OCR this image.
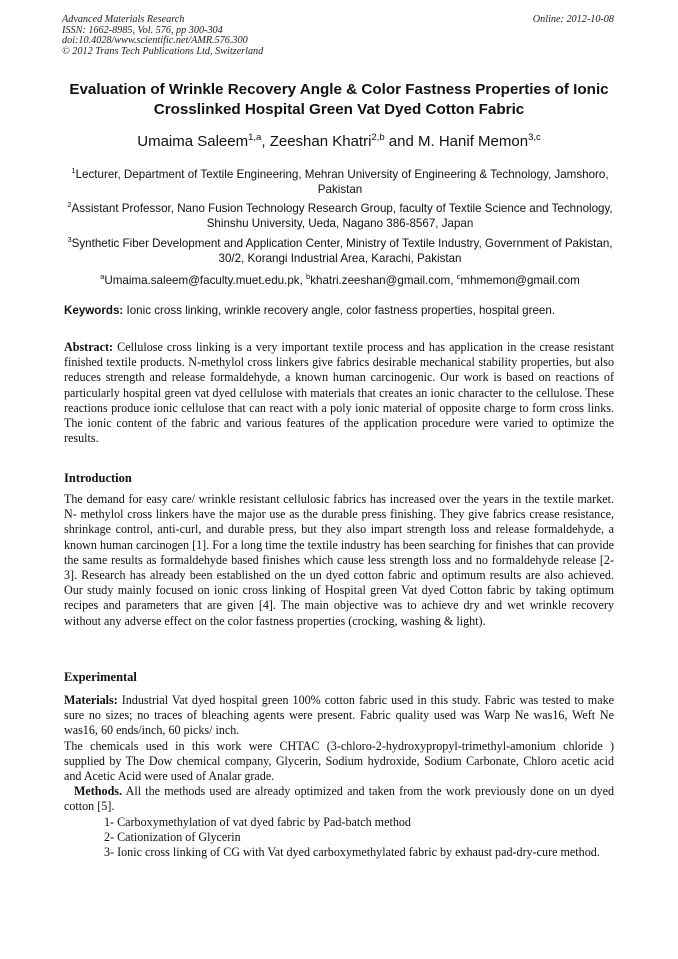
Advanced Materials Research
ISSN: 1662-8985, Vol. 576, pp 300-304
doi:10.4028/www.scientific.net/AMR.576.300
© 2012 Trans Tech Publications Ltd, Switzerland
Online: 2012-10-08
Evaluation of Wrinkle Recovery Angle & Color Fastness Properties of Ionic Crosslinked Hospital Green Vat Dyed Cotton Fabric
Umaima Saleem$^{1,a}$, Zeeshan Khatri$^{2,b}$ and M. Hanif Memon$^{3,c}$
$^1$Lecturer, Department of Textile Engineering, Mehran University of Engineering & Technology, Jamshoro, Pakistan
$^2$Assistant Professor, Nano Fusion Technology Research Group, faculty of Textile Science and Technology, Shinshu University, Ueda, Nagano 386-8567, Japan
$^3$Synthetic Fiber Development and Application Center, Ministry of Textile Industry, Government of Pakistan, 30/2, Korangi Industrial Area, Karachi, Pakistan
$^a$Umaima.saleem@faculty.muet.edu.pk, $^b$khatri.zeeshan@gmail.com, $^c$mhmemon@gmail.com
Keywords: Ionic cross linking, wrinkle recovery angle, color fastness properties, hospital green.
Abstract: Cellulose cross linking is a very important textile process and has application in the crease resistant finished textile products. N-methylol cross linkers give fabrics desirable mechanical stability properties, but also reduces strength and release formaldehyde, a known human carcinogenic. Our work is based on reactions of particularly hospital green vat dyed cellulose with materials that creates an ionic character to the cellulose. These reactions produce ionic cellulose that can react with a poly ionic material of opposite charge to form cross links. The ionic content of the fabric and various features of the application procedure were varied to optimize the results.
Introduction
The demand for easy care/ wrinkle resistant cellulosic fabrics has increased over the years in the textile market. N- methylol cross linkers have the major use as the durable press finishing. They give fabrics crease resistance, shrinkage control, anti-curl, and durable press, but they also impart strength loss and release formaldehyde, a known human carcinogen [1]. For a long time the textile industry has been searching for finishes that can provide the same results as formaldehyde based finishes which cause less strength loss and no formaldehyde release [2-3]. Research has already been established on the un dyed cotton fabric and optimum results are also achieved. Our study mainly focused on ionic cross linking of Hospital green Vat dyed Cotton fabric by taking optimum recipes and parameters that are given [4]. The main objective was to achieve dry and wet wrinkle recovery without any adverse effect on the color fastness properties (crocking, washing & light).
Experimental

Materials: Industrial Vat dyed hospital green 100% cotton fabric used in this study. Fabric was tested to make sure no sizes; no traces of bleaching agents were present. Fabric quality used was Warp Ne was16, Weft Ne was16, 60 ends/inch, 60 picks/ inch.

The chemicals used in this work were CHTAC (3-chloro-2-hydroxypropyl-trimethyl-amonium chloride ) supplied by The Dow chemical company, Glycerin, Sodium hydroxide, Sodium Carbonate, Chloro acetic acid and Acetic Acid were used of Analar grade.

Methods. All the methods used are already optimized and taken from the work previously done on un dyed cotton [5].

1- Carboxymethylation of vat dyed fabric by Pad-batch method

2- Cationization of Glycerin

3- Ionic cross linking of CG with Vat dyed carboxymethylated fabric by exhaust pad-dry-cure method.
